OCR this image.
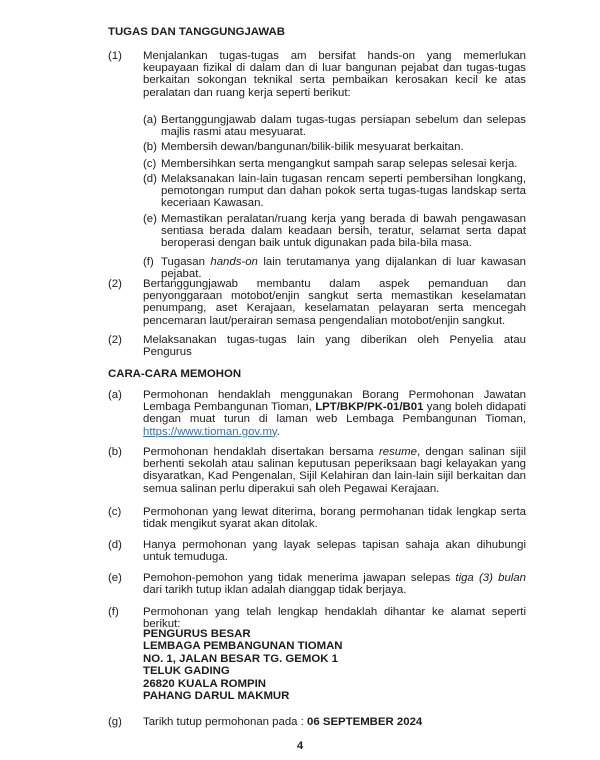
TUGAS DAN TANGGUNGJAWAB
(1) Menjalankan tugas-tugas am bersifat hands-on yang memerlukan keupayaan fizikal di dalam dan di luar bangunan pejabat dan tugas-tugas berkaitan sokongan teknikal serta pembaikan kerosakan kecil ke atas peralatan dan ruang kerja seperti berikut:
(a) Bertanggungjawab dalam tugas-tugas persiapan sebelum dan selepas majlis rasmi atau mesyuarat.
(b) Membersih dewan/bangunan/bilik-bilik mesyuarat berkaitan.
(c) Membersihkan serta mengangkut sampah sarap selepas selesai kerja.
(d) Melaksanakan lain-lain tugasan rencam seperti pembersihan longkang, pemotongan rumput dan dahan pokok serta tugas-tugas landskap serta keceriaan Kawasan.
(e) Memastikan peralatan/ruang kerja yang berada di bawah pengawasan sentiasa berada dalam keadaan bersih, teratur, selamat serta dapat beroperasi dengan baik untuk digunakan pada bila-bila masa.
(f) Tugasan hands-on lain terutamanya yang dijalankan di luar kawasan pejabat.
(2) Bertanggungjawab membantu dalam aspek pemanduan dan penyonggaraan motobot/enjin sangkut serta memastikan keselamatan penumpang, aset Kerajaan, keselamatan pelayaran serta mencegah pencemaran laut/perairan semasa pengendalian motobot/enjin sangkut.
(2) Melaksanakan tugas-tugas lain yang diberikan oleh Penyelia atau Pengurus
CARA-CARA MEMOHON
(a) Permohonan hendaklah menggunakan Borang Permohonan Jawatan Lembaga Pembangunan Tioman, LPT/BKP/PK-01/B01 yang boleh didapati dengan muat turun di laman web Lembaga Pembangunan Tioman, https://www.tioman.gov.my.
(b) Permohonan hendaklah disertakan bersama resume, dengan salinan sijil berhenti sekolah atau salinan keputusan peperiksaan bagi kelayakan yang disyaratkan, Kad Pengenalan, Sijil Kelahiran dan lain-lain sijil berkaitan dan semua salinan perlu diperakui sah oleh Pegawai Kerajaan.
(c) Permohonan yang lewat diterima, borang permohanan tidak lengkap serta tidak mengikut syarat akan ditolak.
(d) Hanya permohonan yang layak selepas tapisan sahaja akan dihubungi untuk temuduga.
(e) Pemohon-pemohon yang tidak menerima jawapan selepas tiga (3) bulan dari tarikh tutup iklan adalah dianggap tidak berjaya.
(f) Permohonan yang telah lengkap hendaklah dihantar ke alamat seperti berikut:
PENGURUS BESAR
LEMBAGA PEMBANGUNAN TIOMAN
NO. 1, JALAN BESAR TG. GEMOK 1
TELUK GADING
26820 KUALA ROMPIN
PAHANG DARUL MAKMUR
(g) Tarikh tutup permohonan pada : 06 SEPTEMBER 2024
4
